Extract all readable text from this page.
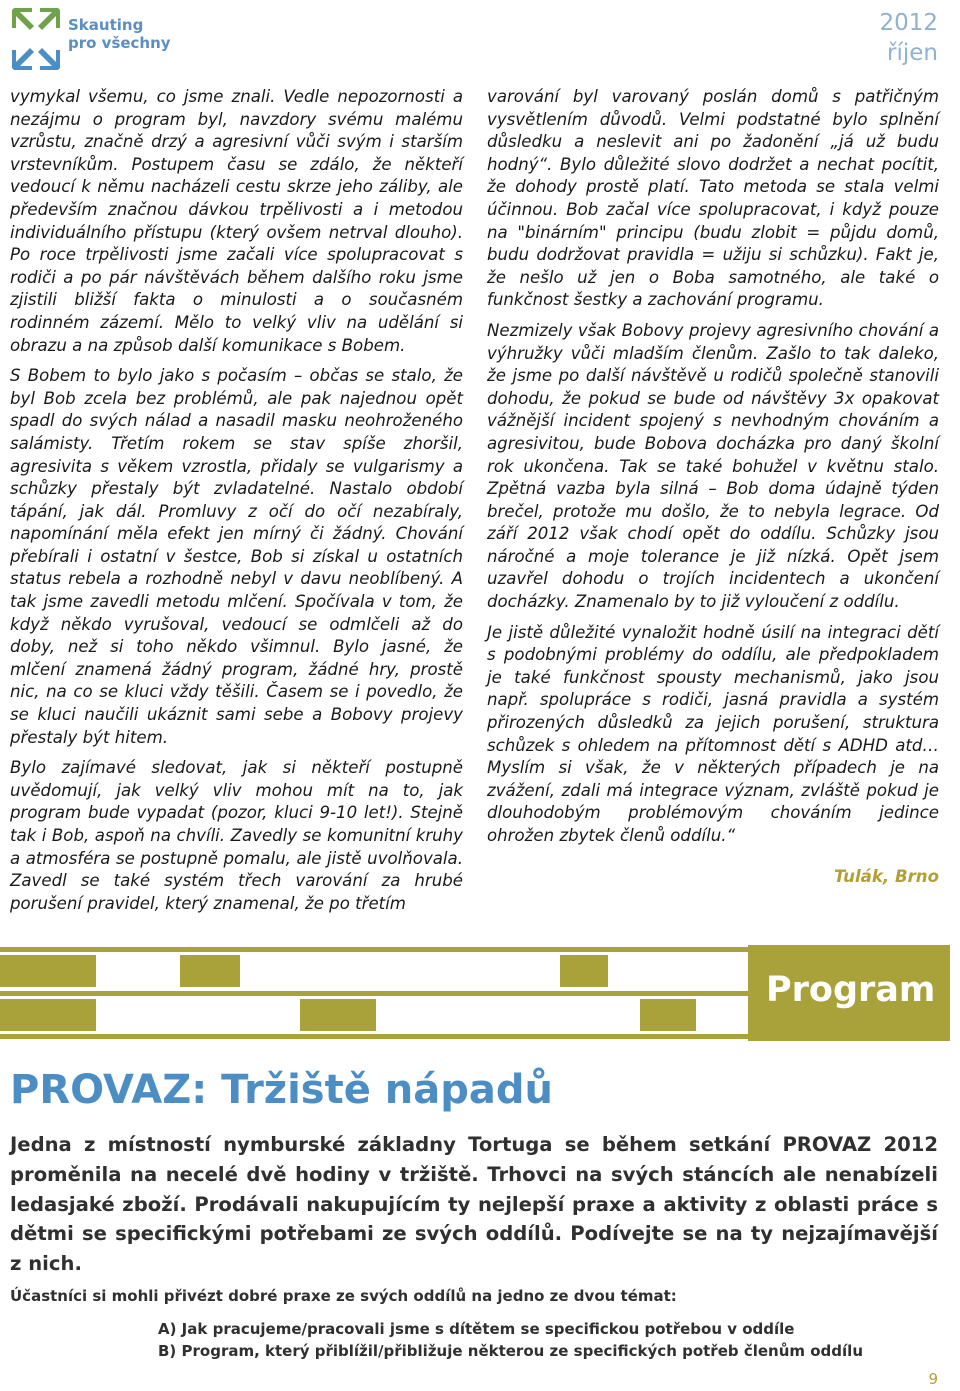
Skauting
pro všechny
2012
říjen

vymykal všemu, co jsme znali. Vedle nepozornosti a nezájmu o program byl, navzdory svému malému vzrůstu, značně drzý a agresivní vůči svým i starším vrstevníkům. Postupem času se zdálo, že někteří vedoucí k němu nacházeli cestu skrze jeho záliby, ale především značnou dávkou trpělivosti a i metodou individuálního přístupu (který ovšem netrval dlouho). Po roce trpělivosti jsme začali více spolupracovat s rodiči a po pár návštěvách během dalšího roku jsme zjistili bližší fakta o minulosti a o současném rodinném zázemí. Mělo to velký vliv na udělání si obrazu a na způsob další komunikace s Bobem.

S Bobem to bylo jako s počasím – občas se stalo, že byl Bob zcela bez problémů, ale pak najednou opět spadl do svých nálad a nasadil masku neohroženého salámisty. Třetím rokem se stav spíše zhoršil, agresivita s věkem vzrostla, přidaly se vulgarismy a schůzky přestaly být zvladatelné. Nastalo období tápání, jak dál. Promluvy z očí do očí nezabíraly, napomínání měla efekt jen mírný či žádný. Chování přebírali i ostatní v šestce, Bob si získal u ostatních status rebela a rozhodně nebyl v davu neoblíbený. A tak jsme zavedli metodu mlčení. Spočívala v tom, že když někdo vyrušoval, vedoucí se odmlčeli až do doby, než si toho někdo všimnul. Bylo jasné, že mlčení znamená žádný program, žádné hry, prostě nic, na co se kluci vždy těšili. Časem se i povedlo, že se kluci naučili ukáznit sami sebe a Bobovy projevy přestaly být hitem.

Bylo zajímavé sledovat, jak si někteří postupně uvědomují, jak velký vliv mohou mít na to, jak program bude vypadat (pozor, kluci 9-10 let!). Stejně tak i Bob, aspoň na chvíli. Zavedly se komunitní kruhy a atmosféra se postupně pomalu, ale jistě uvolňovala. Zavedl se také systém třech varování za hrubé porušení pravidel, který znamenal, že po třetím

varování byl varovaný poslán domů s patřičným vysvětlením důvodů. Velmi podstatné bylo splnění důsledku a neslevit ani po žadonění „já už budu hodný“. Bylo důležité slovo dodržet a nechat pocítit, že dohody prostě platí. Tato metoda se stala velmi účinnou. Bob začal více spolupracovat, i když pouze na "binárním" principu (budu zlobit = půjdu domů, budu dodržovat pravidla = užiju si schůzku). Fakt je, že nešlo už jen o Boba samotného, ale také o funkčnost šestky a zachování programu.

Nezmizely však Bobovy projevy agresivního chování a výhružky vůči mladším členům. Zašlo to tak daleko, že jsme po další návštěvě u rodičů společně stanovili dohodu, že pokud se bude od návštěvy 3x opakovat vážnější incident spojený s nevhodným chováním a agresivitou, bude Bobova docházka pro daný školní rok ukončena. Tak se také bohužel v květnu stalo. Zpětná vazba byla silná – Bob doma údajně týden brečel, protože mu došlo, že to nebyla legrace. Od září 2012 však chodí opět do oddílu. Schůzky jsou náročné a moje tolerance je již nízká. Opět jsem uzavřel dohodu o trojích incidentech a ukončení docházky. Znamenalo by to již vyloučení z oddílu.

Je jistě důležité vynaložit hodně úsilí na integraci dětí s podobnými problémy do oddílu, ale předpokladem je také funkčnost spousty mechanismů, jako jsou např. spolupráce s rodiči, jasná pravidla a systém přirozených důsledků za jejich porušení, struktura schůzek s ohledem na přítomnost dětí s ADHD atd… Myslím si však, že v některých případech je na zvážení, zdali má integrace význam, zvláště pokud je dlouhodobým problémovým chováním jedince ohrožen zbytek členů oddílu.“

Tulák, Brno

Program
PROVAZ: Tržiště nápadů

Jedna z místností nymburské základny Tortuga se během setkání PROVAZ 2012 proměnila na necelé dvě hodiny v tržiště. Trhovci na svých stáncích ale nenabízeli ledasjaké zboží. Prodávali nakupujícím ty nejlepší praxe a aktivity z oblasti práce s dětmi se specifickými potřebami ze svých oddílů. Podívejte se na ty nejzajímavější z nich.

Účastníci si mohli přivézt dobré praxe ze svých oddílů na jedno ze dvou témat:

A) Jak pracujeme/pracovali jsme s dítětem se specifickou potřebou v oddíle
B) Program, který přiblížil/přibližuje některou ze specifických potřeb členům oddílu
9
